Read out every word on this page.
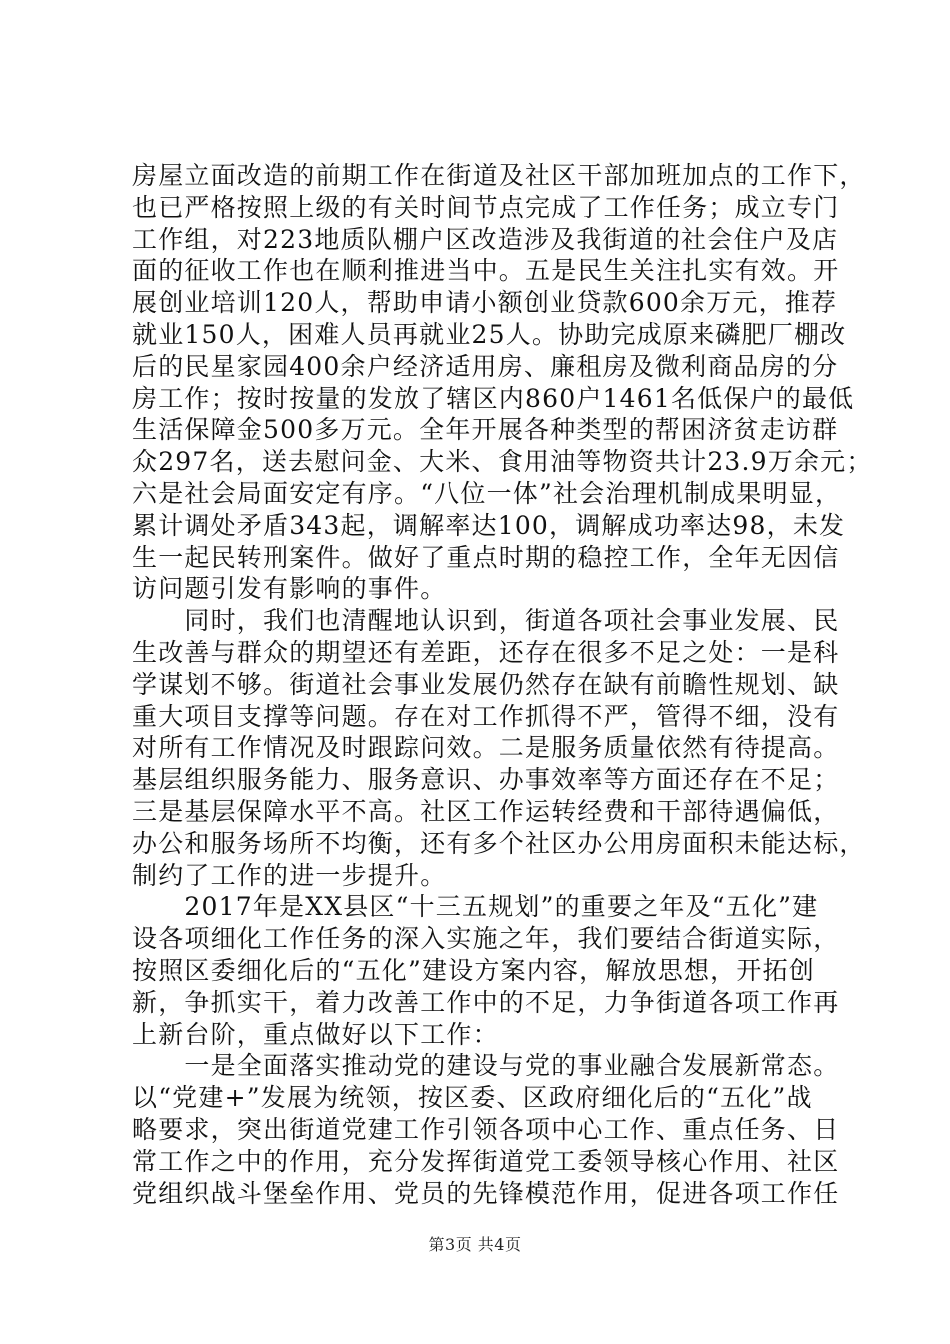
房屋立面改造的前期工作在街道及社区干部加班加点的工作下，
也已严格按照上级的有关时间节点完成了工作任务；成立专门
工作组，对223地质队棚户区改造涉及我街道的社会住户及店
面的征收工作也在顺利推进当中。五是民生关注扎实有效。开
展创业培训120人，帮助申请小额创业贷款600余万元，推荐
就业150人，困难人员再就业25人。协助完成原来磷肥厂棚改
后的民星家园400余户经济适用房、廉租房及微利商品房的分
房工作；按时按量的发放了辖区内860户1461名低保户的最低
生活保障金500多万元。全年开展各种类型的帮困济贫走访群
众297名，送去慰问金、大米、食用油等物资共计23.9万余元；
六是社会局面安定有序。“八位一体”社会治理机制成果明显，
累计调处矛盾343起，调解率达100，调解成功率达98，未发
生一起民转刑案件。做好了重点时期的稳控工作，全年无因信
访问题引发有影响的事件。
　　同时，我们也清醒地认识到，街道各项社会事业发展、民
生改善与群众的期望还有差距，还存在很多不足之处：一是科
学谋划不够。街道社会事业发展仍然存在缺有前瞻性规划、缺
重大项目支撑等问题。存在对工作抓得不严，管得不细，没有
对所有工作情况及时跟踪问效。二是服务质量依然有待提高。
基层组织服务能力、服务意识、办事效率等方面还存在不足；
三是基层保障水平不高。社区工作运转经费和干部待遇偏低，
办公和服务场所不均衡，还有多个社区办公用房面积未能达标，
制约了工作的进一步提升。
　　2017年是XX县区“十三五规划”的重要之年及“五化”建
设各项细化工作任务的深入实施之年，我们要结合街道实际，
按照区委细化后的“五化”建设方案内容，解放思想，开拓创
新，争抓实干，着力改善工作中的不足，力争街道各项工作再
上新台阶，重点做好以下工作：
　　一是全面落实推动党的建设与党的事业融合发展新常态。
以“党建+”发展为统领，按区委、区政府细化后的“五化”战
略要求，突出街道党建工作引领各项中心工作、重点任务、日
常工作之中的作用，充分发挥街道党工委领导核心作用、社区
党组织战斗堡垒作用、党员的先锋模范作用，促进各项工作任
第3页 共4页
